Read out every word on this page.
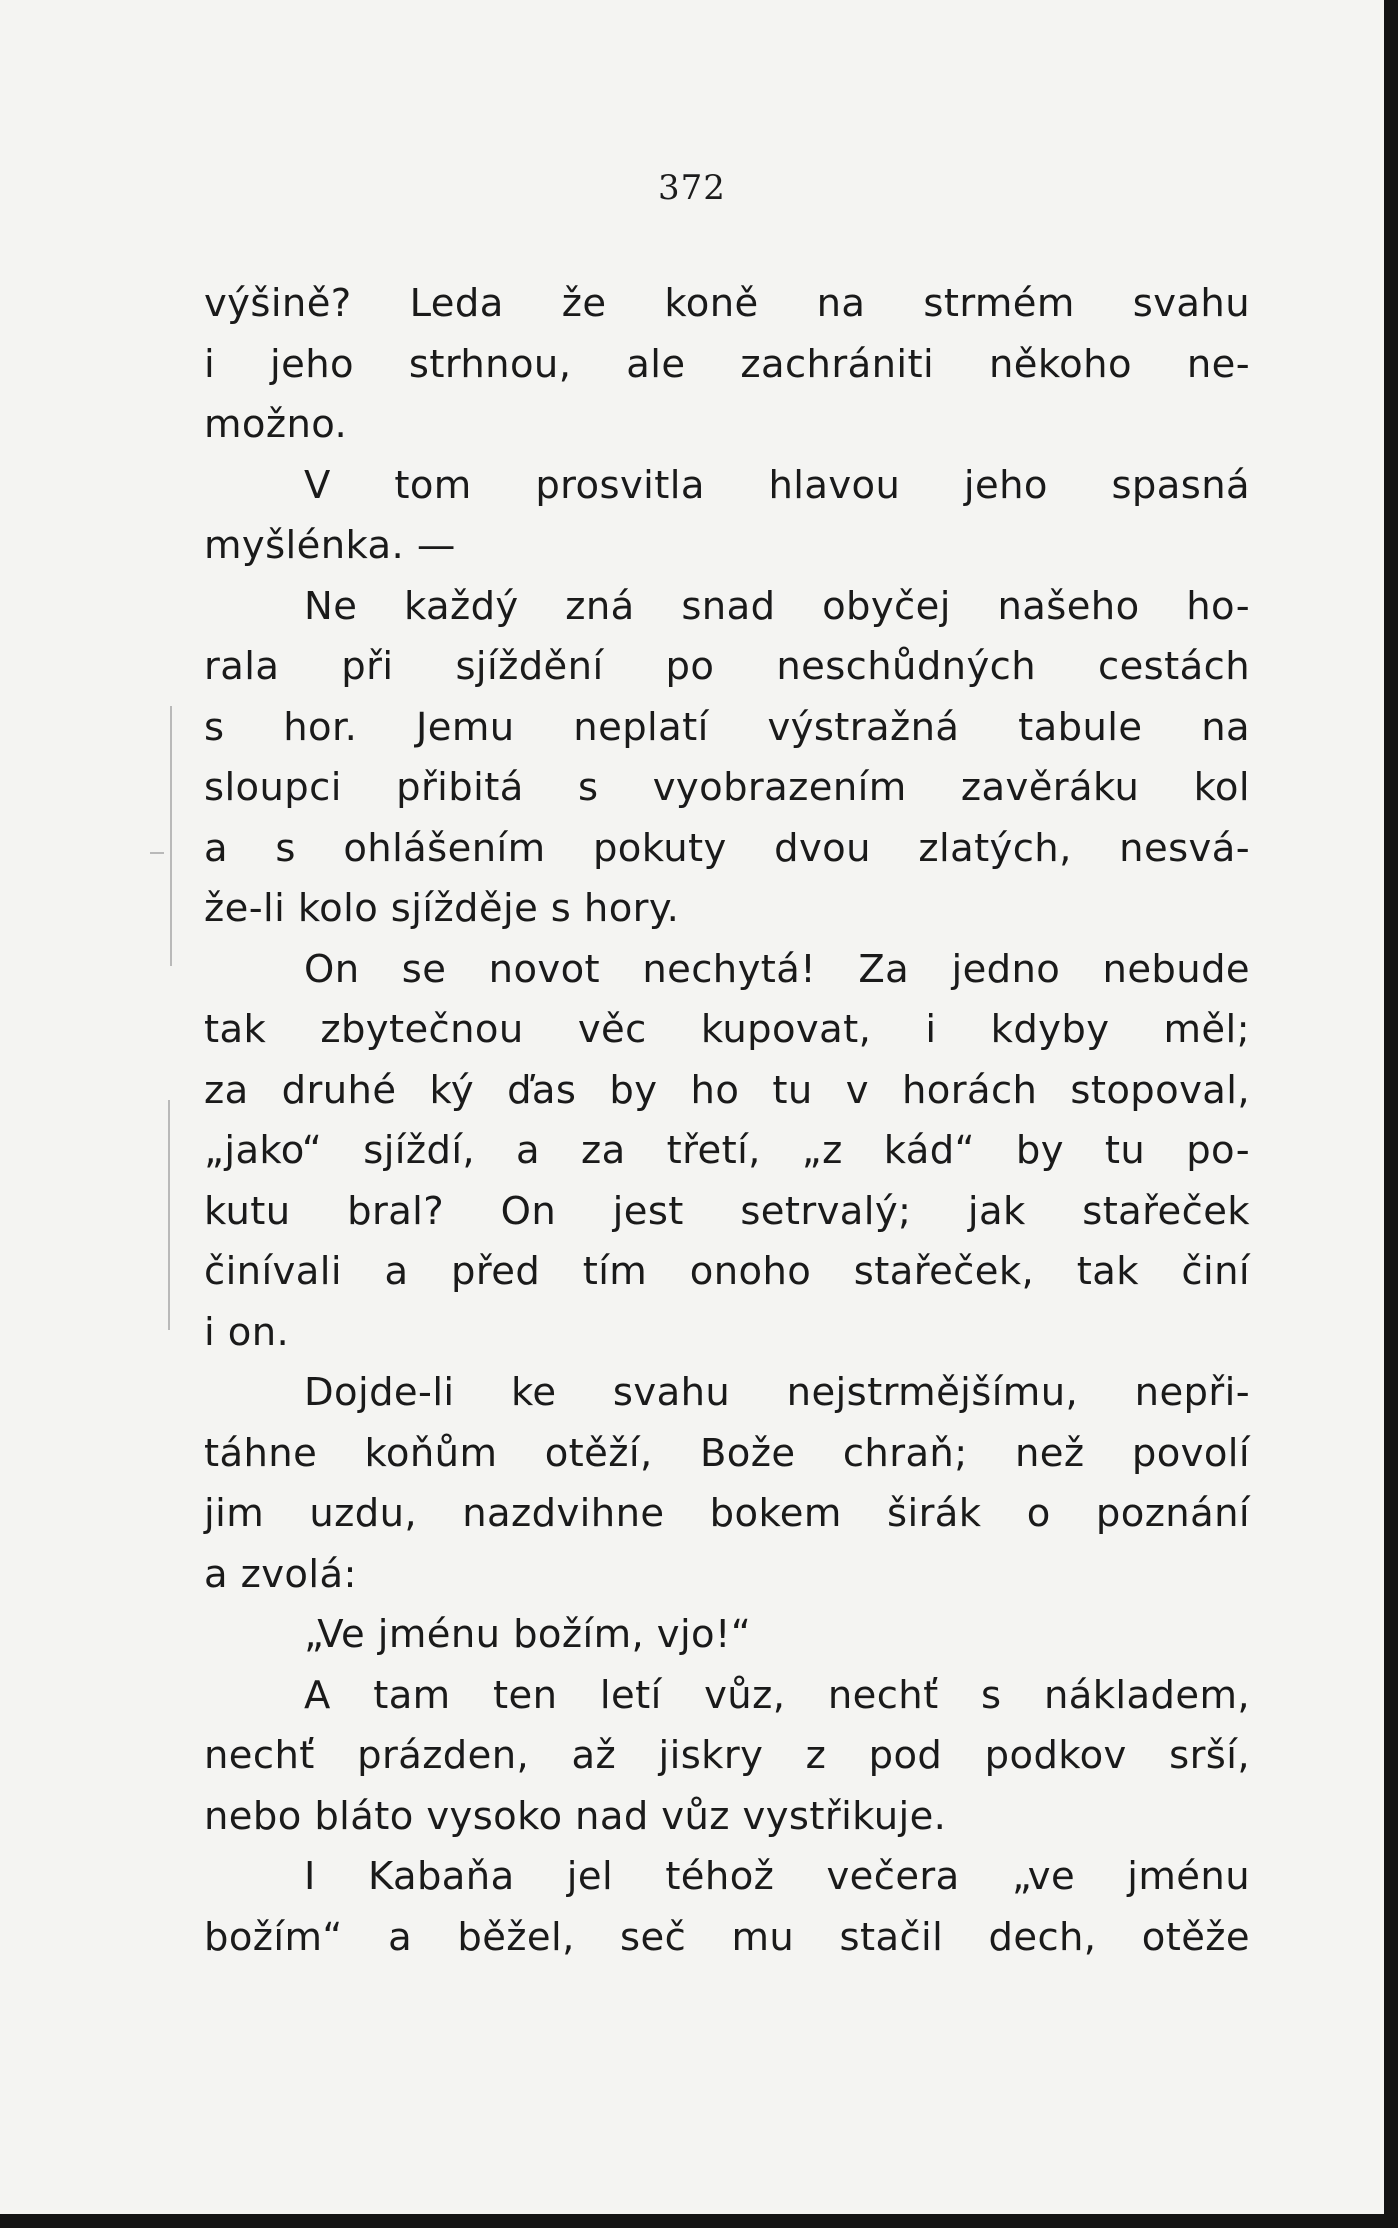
372
výšině? Leda že koně na strmém svahu
i jeho strhnou, ale zachrániti někoho ne-
možno.
V tom prosvitla hlavou jeho spasná
myšlénka. —
Ne každý zná snad obyčej našeho ho-
rala při sjíždění po neschůdných cestách
s hor. Jemu neplatí výstražná tabule na
sloupci přibitá s vyobrazením zavěráku kol
a s ohlášením pokuty dvou zlatých, nesvá-
že-li kolo sjížděje s hory.
On se novot nechytá! Za jedno nebude
tak zbytečnou věc kupovat, i kdyby měl;
za druhé ký ďas by ho tu v horách stopoval,
„jako“ sjíždí, a za třetí, „z kád“ by tu po-
kutu bral? On jest setrvalý; jak stařeček
činívali a před tím onoho stařeček, tak činí
i on.
Dojde-li ke svahu nejstrmějšímu, nepři-
táhne koňům otěží, Bože chraň; než povolí
jim uzdu, nazdvihne bokem širák o poznání
a zvolá:
„Ve jménu božím, vjo!“
A tam ten letí vůz, nechť s nákladem,
nechť prázden, až jiskry z pod podkov srší,
nebo bláto vysoko nad vůz vystřikuje.
I Kabaňa jel téhož večera „ve jménu
božím“ a běžel, seč mu stačil dech, otěže
